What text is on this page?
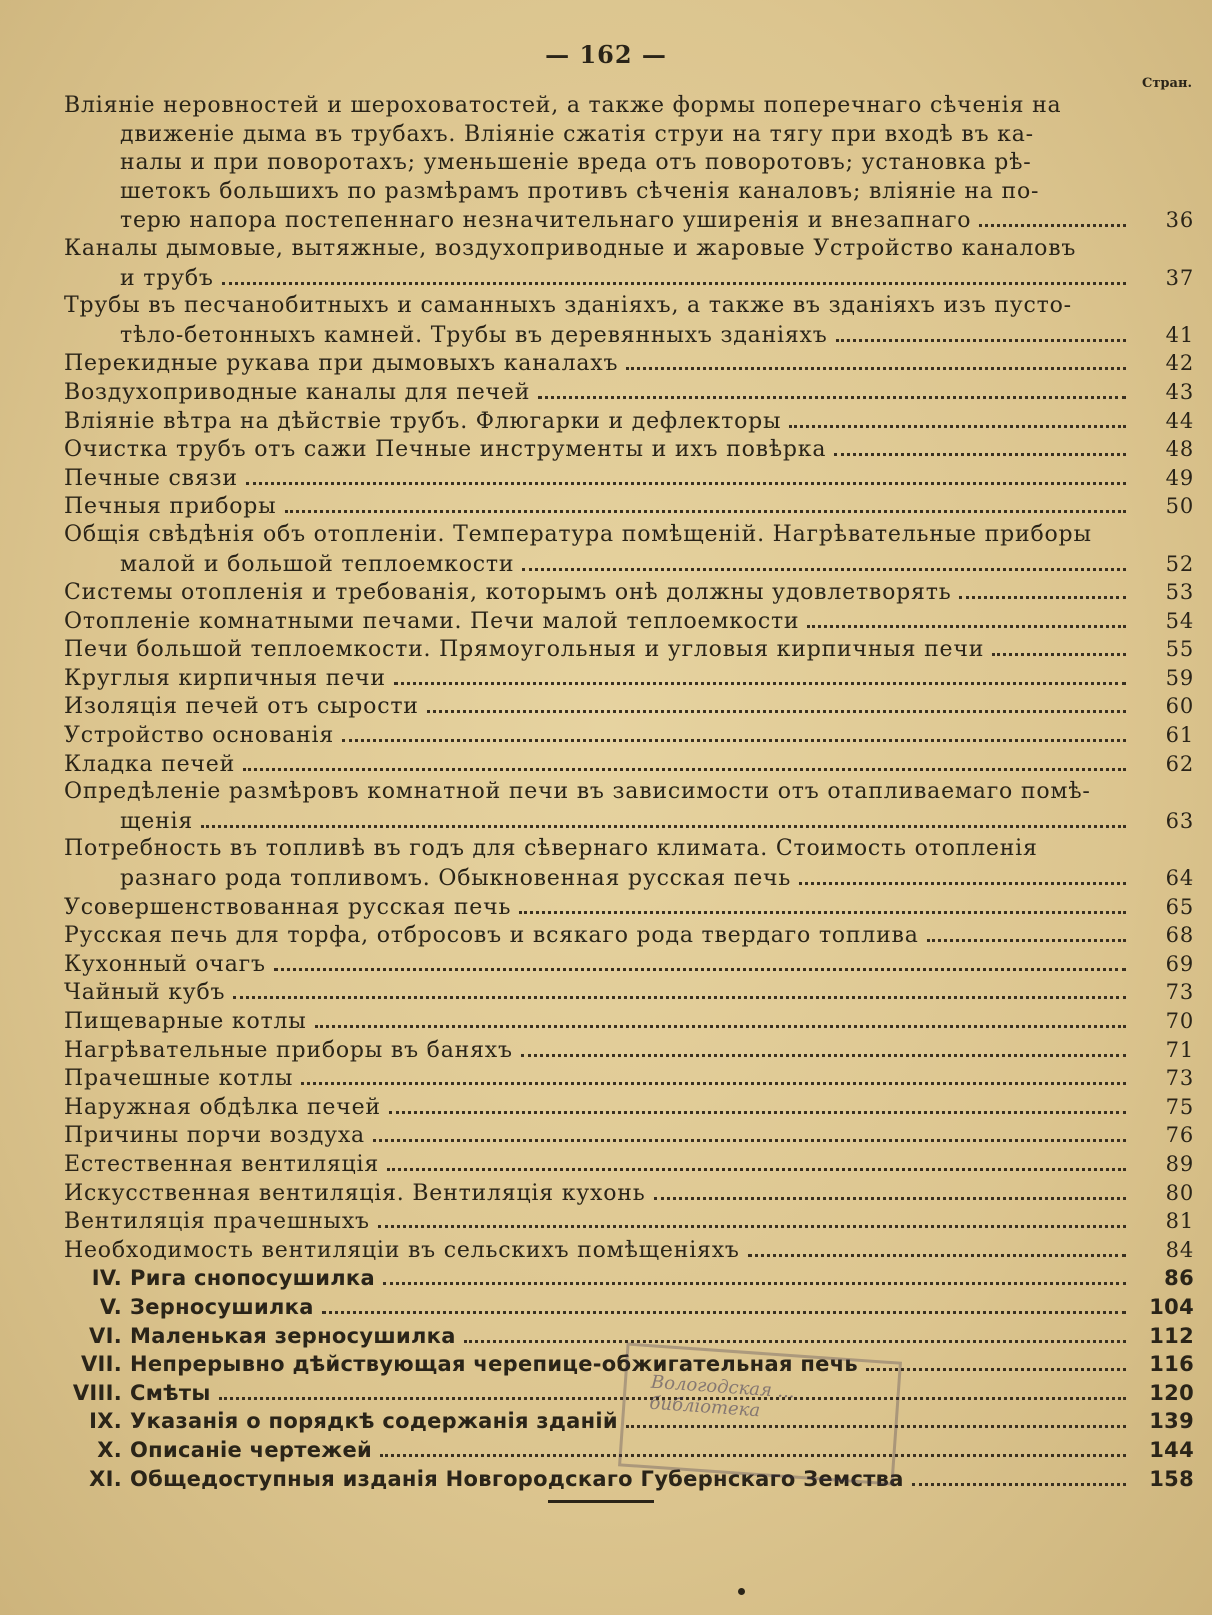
— 162 —
Стран.
Вліяніе неровностей и шероховатостей, а также формы поперечнаго сѣченія на
движеніе дыма въ трубахъ. Вліяніе сжатія струи на тягу при входѣ въ ка-
налы и при поворотахъ; уменьшеніе вреда отъ поворотовъ; установка рѣ-
шетокъ большихъ по размѣрамъ противъ сѣченія каналовъ; вліяніе на по-
терю напора постепеннаго незначительнаго уширенія и внезапнаго	36
Каналы дымовые, вытяжные, воздухоприводные и жаровые Устройство каналовъ
и трубъ	37
Трубы въ песчанобитныхъ и саманныхъ зданіяхъ, а также въ зданіяхъ изъ пусто-
тѣло-бетонныхъ камней. Трубы въ деревянныхъ зданіяхъ	41
Перекидные рукава при дымовыхъ каналахъ	42
Воздухоприводные каналы для печей	43
Вліяніе вѣтра на дѣйствіе трубъ. Флюгарки и дефлекторы	44
Очистка трубъ отъ сажи Печные инструменты и ихъ повѣрка	48
Печные связи	49
Печныя приборы	50
Общія свѣдѣнія объ отопленіи. Температура помѣщеній. Нагрѣвательные приборы
малой и большой теплоемкости	52
Системы отопленія и требованія, которымъ онѣ должны удовлетворять	53
Отопленіе комнатными печами. Печи малой теплоемкости	54
Печи большой теплоемкости. Прямоугольныя и угловыя кирпичныя печи	55
Круглыя кирпичныя печи	59
Изоляція печей отъ сырости	60
Устройство основанія	61
Кладка печей	62
Опредѣленіе размѣровъ комнатной печи въ зависимости отъ отапливаемаго помѣ-
щенія	63
Потребность въ топливѣ въ годъ для сѣвернаго климата. Стоимость отопленія
разнаго рода топливомъ. Обыкновенная русская печь	64
Усовершенствованная русская печь	65
Русская печь для торфа, отбросовъ и всякаго рода твердаго топлива	68
Кухонный очагъ	69
Чайный кубъ	73
Пищеварные котлы	70
Нагрѣвательные приборы въ баняхъ	71
Прачешные котлы	73
Наружная обдѣлка печей	75
Причины порчи воздуха	76
Естественная вентиляція	89
Искусственная вентиляція. Вентиляція кухонь	80
Вентиляція прачешныхъ	81
Необходимость вентиляціи въ сельскихъ помѣщеніяхъ	84
IV. Рига снопосушилка	86
V. Зерносушилка	104
VI. Маленькая зерносушилка	112
VII. Непрерывно дѣйствующая черепице-обжигательная печь	116
VIII. Смѣты	120
IX. Указанія о порядкѣ содержанія зданій	139
X. Описаніе чертежей	144
XI. Общедоступныя изданія Новгородскаго Губернскаго Земства	158
Вологодская ... библіотека
